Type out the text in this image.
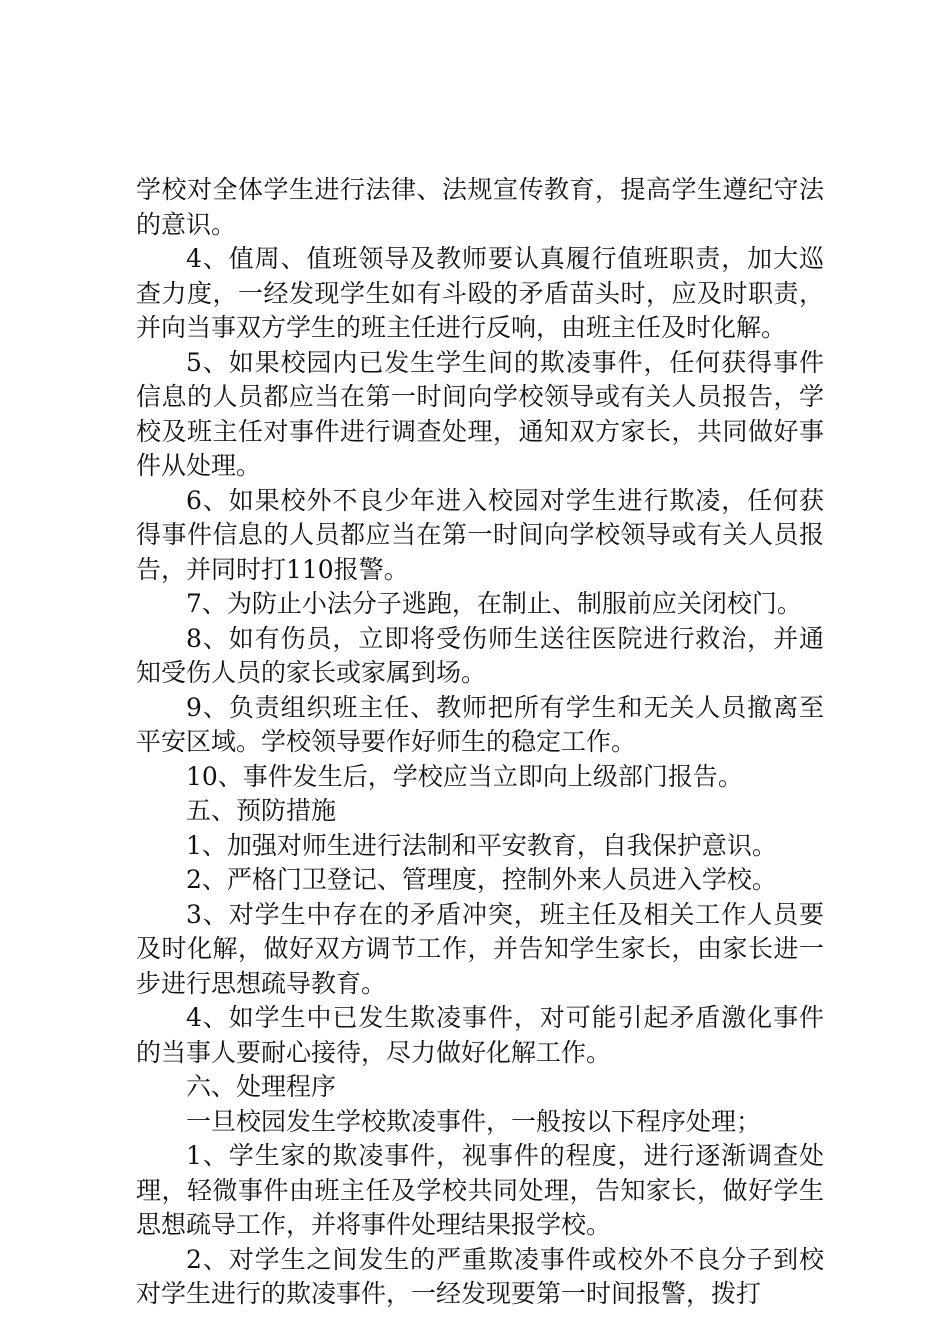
学校对全体学生进行法律、法规宣传教育，提高学生遵纪守法的意识。

4、值周、值班领导及教师要认真履行值班职责，加大巡查力度，一经发现学生如有斗殴的矛盾苗头时，应及时职责，并向当事双方学生的班主任进行反响，由班主任及时化解。

5、如果校园内已发生学生间的欺凌事件，任何获得事件信息的人员都应当在第一时间向学校领导或有关人员报告，学校及班主任对事件进行调查处理，通知双方家长，共同做好事件从处理。

6、如果校外不良少年进入校园对学生进行欺凌，任何获得事件信息的人员都应当在第一时间向学校领导或有关人员报告，并同时打110报警。

7、为防止小法分子逃跑，在制止、制服前应关闭校门。

8、如有伤员，立即将受伤师生送往医院进行救治，并通知受伤人员的家长或家属到场。

9、负责组织班主任、教师把所有学生和无关人员撤离至平安区域。学校领导要作好师生的稳定工作。

10、事件发生后，学校应当立即向上级部门报告。

五、预防措施

1、加强对师生进行法制和平安教育，自我保护意识。

2、严格门卫登记、管理度，控制外来人员进入学校。

3、对学生中存在的矛盾冲突，班主任及相关工作人员要及时化解，做好双方调节工作，并告知学生家长，由家长进一步进行思想疏导教育。

4、如学生中已发生欺凌事件，对可能引起矛盾激化事件的当事人要耐心接待，尽力做好化解工作。

六、处理程序

一旦校园发生学校欺凌事件，一般按以下程序处理；

1、学生家的欺凌事件，视事件的程度，进行逐渐调查处理，轻微事件由班主任及学校共同处理，告知家长，做好学生思想疏导工作，并将事件处理结果报学校。

2、对学生之间发生的严重欺凌事件或校外不良分子到校对学生进行的欺凌事件，一经发现要第一时间报警，拨打
